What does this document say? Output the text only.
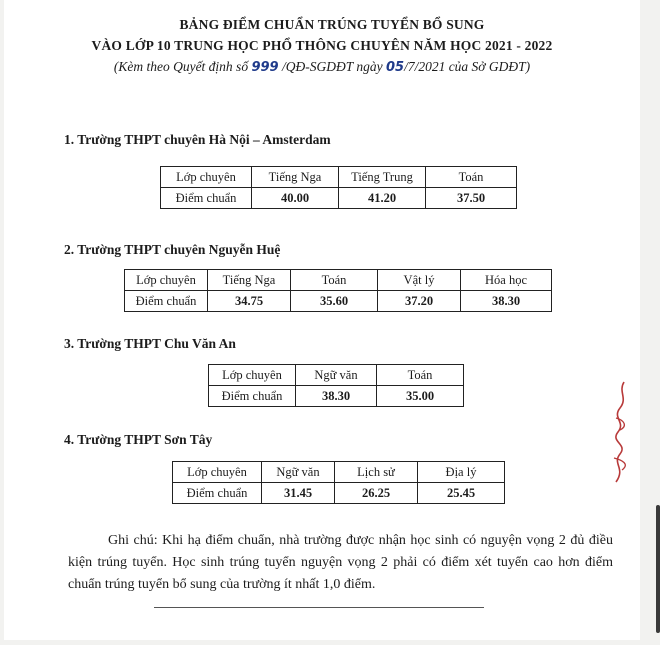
BẢNG ĐIỂM CHUẨN TRÚNG TUYỂN BỔ SUNG
VÀO LỚP 10 TRUNG HỌC PHỔ THÔNG CHUYÊN NĂM HỌC 2021 - 2022
(Kèm theo Quyết định số 999 /QĐ-SGDĐT ngày 05/7/2021 của Sở GDĐT)
1. Trường THPT chuyên Hà Nội – Amsterdam
Lớp chuyên	Tiếng Nga	Tiếng Trung	Toán
Điểm chuẩn	40.00	41.20	37.50
2. Trường THPT chuyên Nguyễn Huệ
Lớp chuyên	Tiếng Nga	Toán	Vật lý	Hóa học
Điểm chuẩn	34.75	35.60	37.20	38.30
3. Trường THPT Chu Văn An
Lớp chuyên	Ngữ văn	Toán
Điểm chuẩn	38.30	35.00
4. Trường THPT Sơn Tây
Lớp chuyên	Ngữ văn	Lịch sử	Địa lý
Điểm chuẩn	31.45	26.25	25.45
Ghi chú: Khi hạ điểm chuẩn, nhà trường được nhận học sinh có nguyện vọng 2 đủ điều kiện trúng tuyển. Học sinh trúng tuyển nguyện vọng 2 phải có điểm xét tuyển cao hơn điểm chuẩn trúng tuyển bổ sung của trường ít nhất 1,0 điểm.
